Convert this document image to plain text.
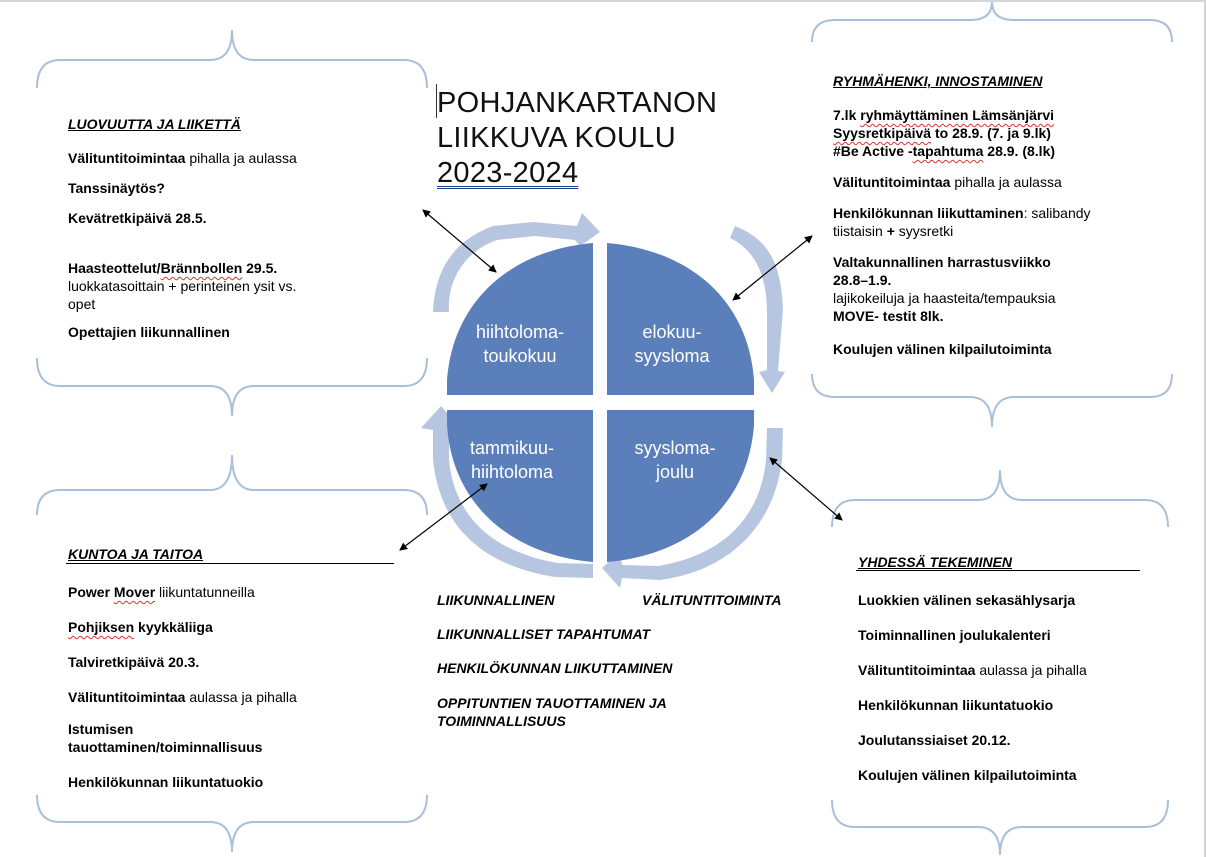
POHJANKARTANON
LIIKKUVA KOULU
2023-2024
hiihtoloma-
toukokuu
elokuu-
syysloma
tammikuu-
hiihtoloma
syysloma-
joulu

LUOVUUTTA JA LIIKETTÄ

Välituntitoimintaa pihalla ja aulassa

Tanssinäytös?

Kevätretkipäivä 28.5.

Haasteottelut/Brännbollen 29.5.

luokkatasoittain + perinteinen ysit vs.

opet

Opettajien liikunnallinen

RYHMÄHENKI, INNOSTAMINEN

7.lk ryhmäyttäminen Lämsänjärvi

Syysretkipäivä to 28.9. (7. ja 9.lk)

#Be Active -tapahtuma 28.9. (8.lk)

Välituntitoimintaa pihalla ja aulassa

Henkilökunnan liikuttaminen: salibandy

tiistaisin + syysretki

Valtakunnallinen harrastusviikko

28.8–1.9.

lajikokeiluja ja haasteita/tempauksia

MOVE- testit 8lk.

Koulujen välinen kilpailutoiminta

KUNTOA JA TAITOA

Power Mover liikuntatunneilla

Pohjiksen kyykkäliiga

Talviretkipäivä 20.3.

Välituntitoimintaa aulassa ja pihalla

Istumisen

tauottaminen/toiminnallisuus

Henkilökunnan liikuntatuokio

YHDESSÄ TEKEMINEN

Luokkien välinen sekasählysarja

Toiminnallinen joulukalenteri

Välituntitoimintaa aulassa ja pihalla

Henkilökunnan liikuntatuokio

Joulutanssiaiset 20.12.

Koulujen välinen kilpailutoiminta

LIIKUNNALLINEN	VÄLITUNTITOIMINTA
LIIKUNNALLISET TAPAHTUMAT
HENKILÖKUNNAN LIIKUTTAMINEN
OPPITUNTIEN TAUOTTAMINEN JA
TOIMINNALLISUUS
